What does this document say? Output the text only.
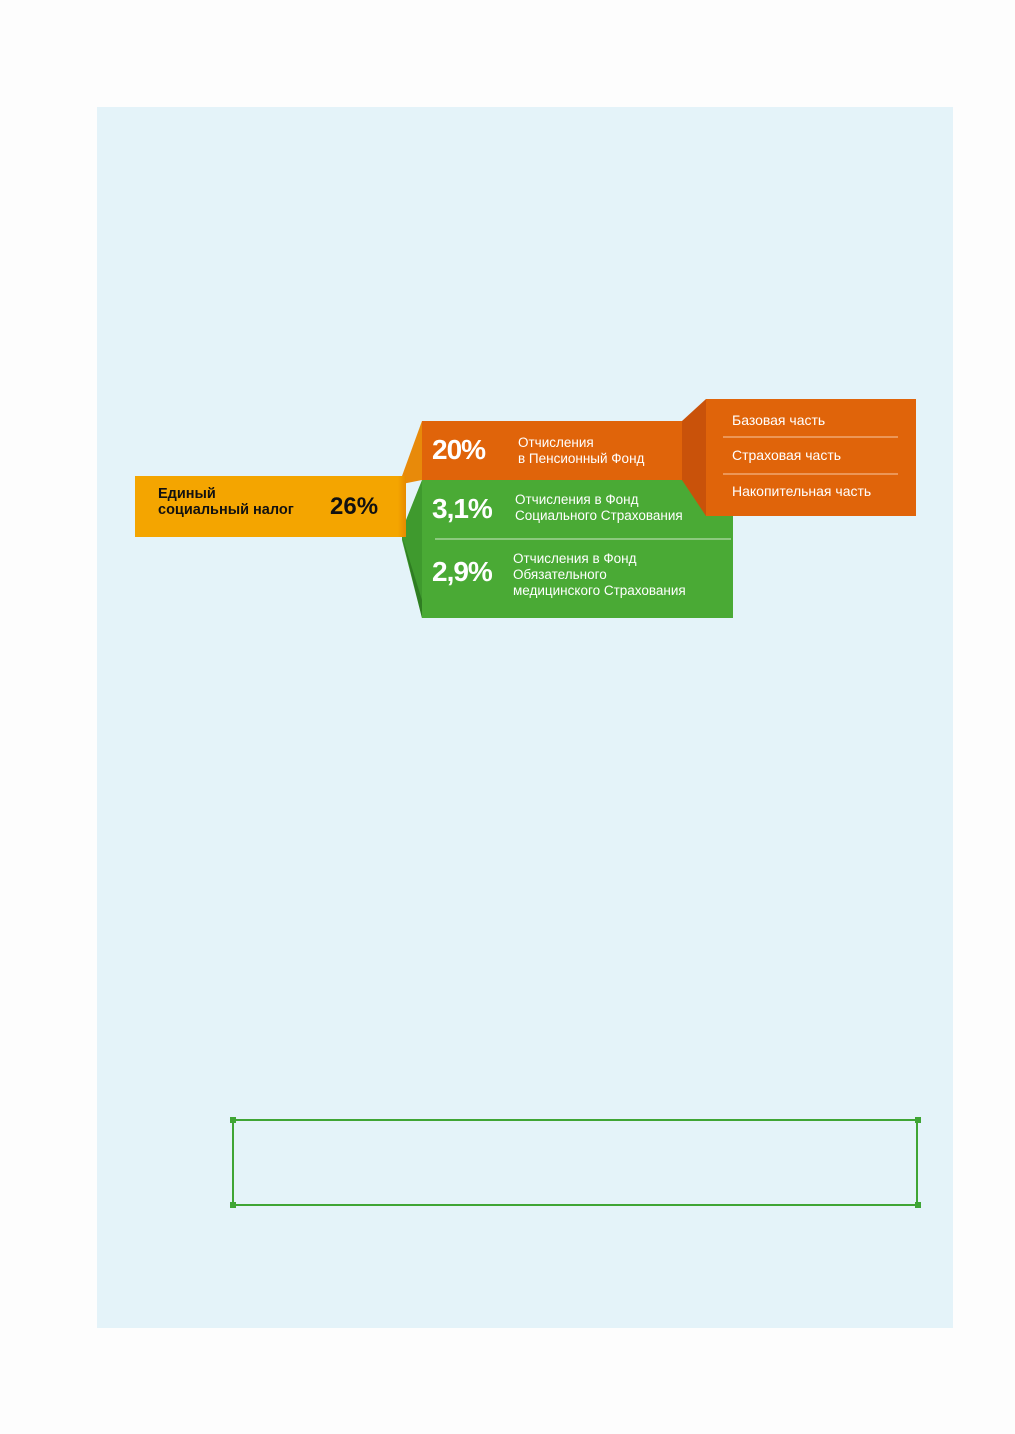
Единый
социальный налог 26%
20% Отчисления
в Пенсионный Фонд
Базовая часть
Страховая часть
Накопительная часть
3,1% Отчисления в Фонд
Социального Страхования
2,9% Отчисления в Фонд
Обязательного
медицинского Страхования
